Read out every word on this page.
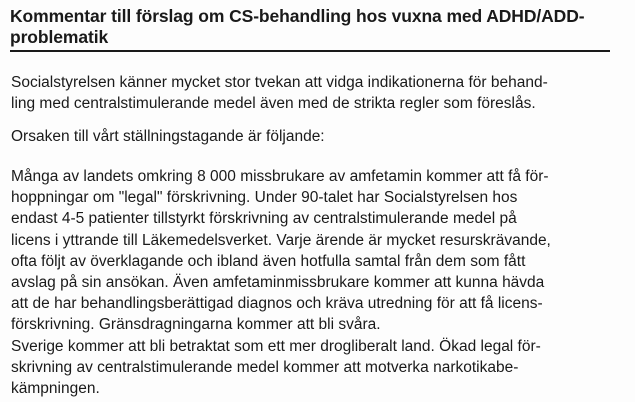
Kommentar till förslag om CS-behandling hos vuxna med ADHD/ADD-
problematik

Socialstyrelsen känner mycket stor tvekan att vidga indikationerna för behand-
ling med centralstimulerande medel även med de strikta regler som föreslås.

Orsaken till vårt ställningstagande är följande:

Många av landets omkring 8 000 missbrukare av amfetamin kommer att få för-
hoppningar om "legal" förskrivning. Under 90-talet har Socialstyrelsen hos
endast 4-5 patienter tillstyrkt förskrivning av centralstimulerande medel på
licens i yttrande till Läkemedelsverket. Varje ärende är mycket resurskrävande,
ofta följt av överklagande och ibland även hotfulla samtal från dem som fått
avslag på sin ansökan. Även amfetaminmissbrukare kommer att kunna hävda
att de har behandlingsberättigad diagnos och kräva utredning för att få licens-
förskrivning. Gränsdragningarna kommer att bli svåra.

Sverige kommer att bli betraktat som ett mer drogliberalt land. Ökad legal för-
skrivning av centralstimulerande medel kommer att motverka narkotikabe-
kämpningen.
